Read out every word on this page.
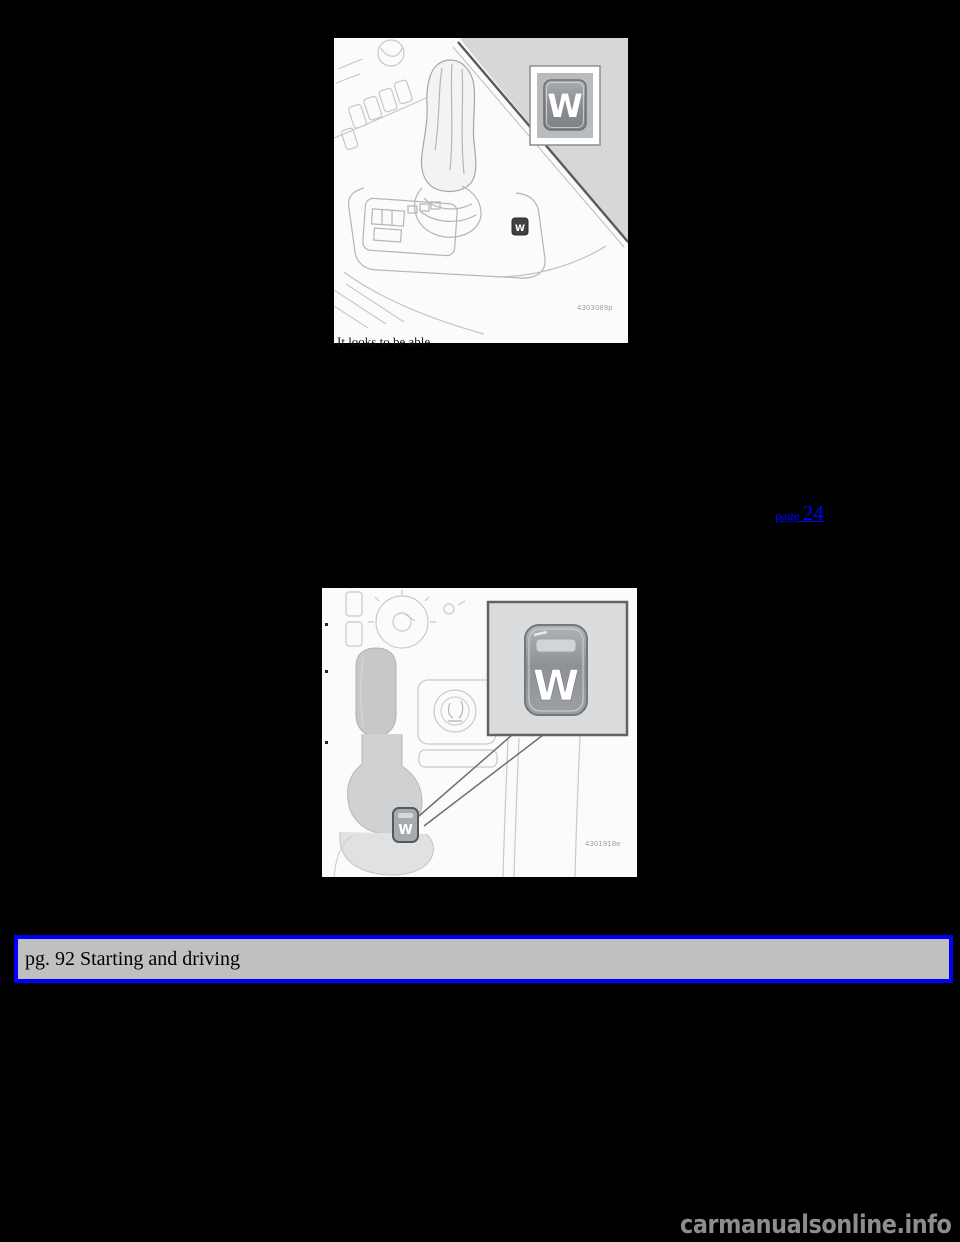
W
W
4303089p
It looks to be able
page 24
W
W
4301918e
pg. 92 Starting and driving
carmanualsonline.info
